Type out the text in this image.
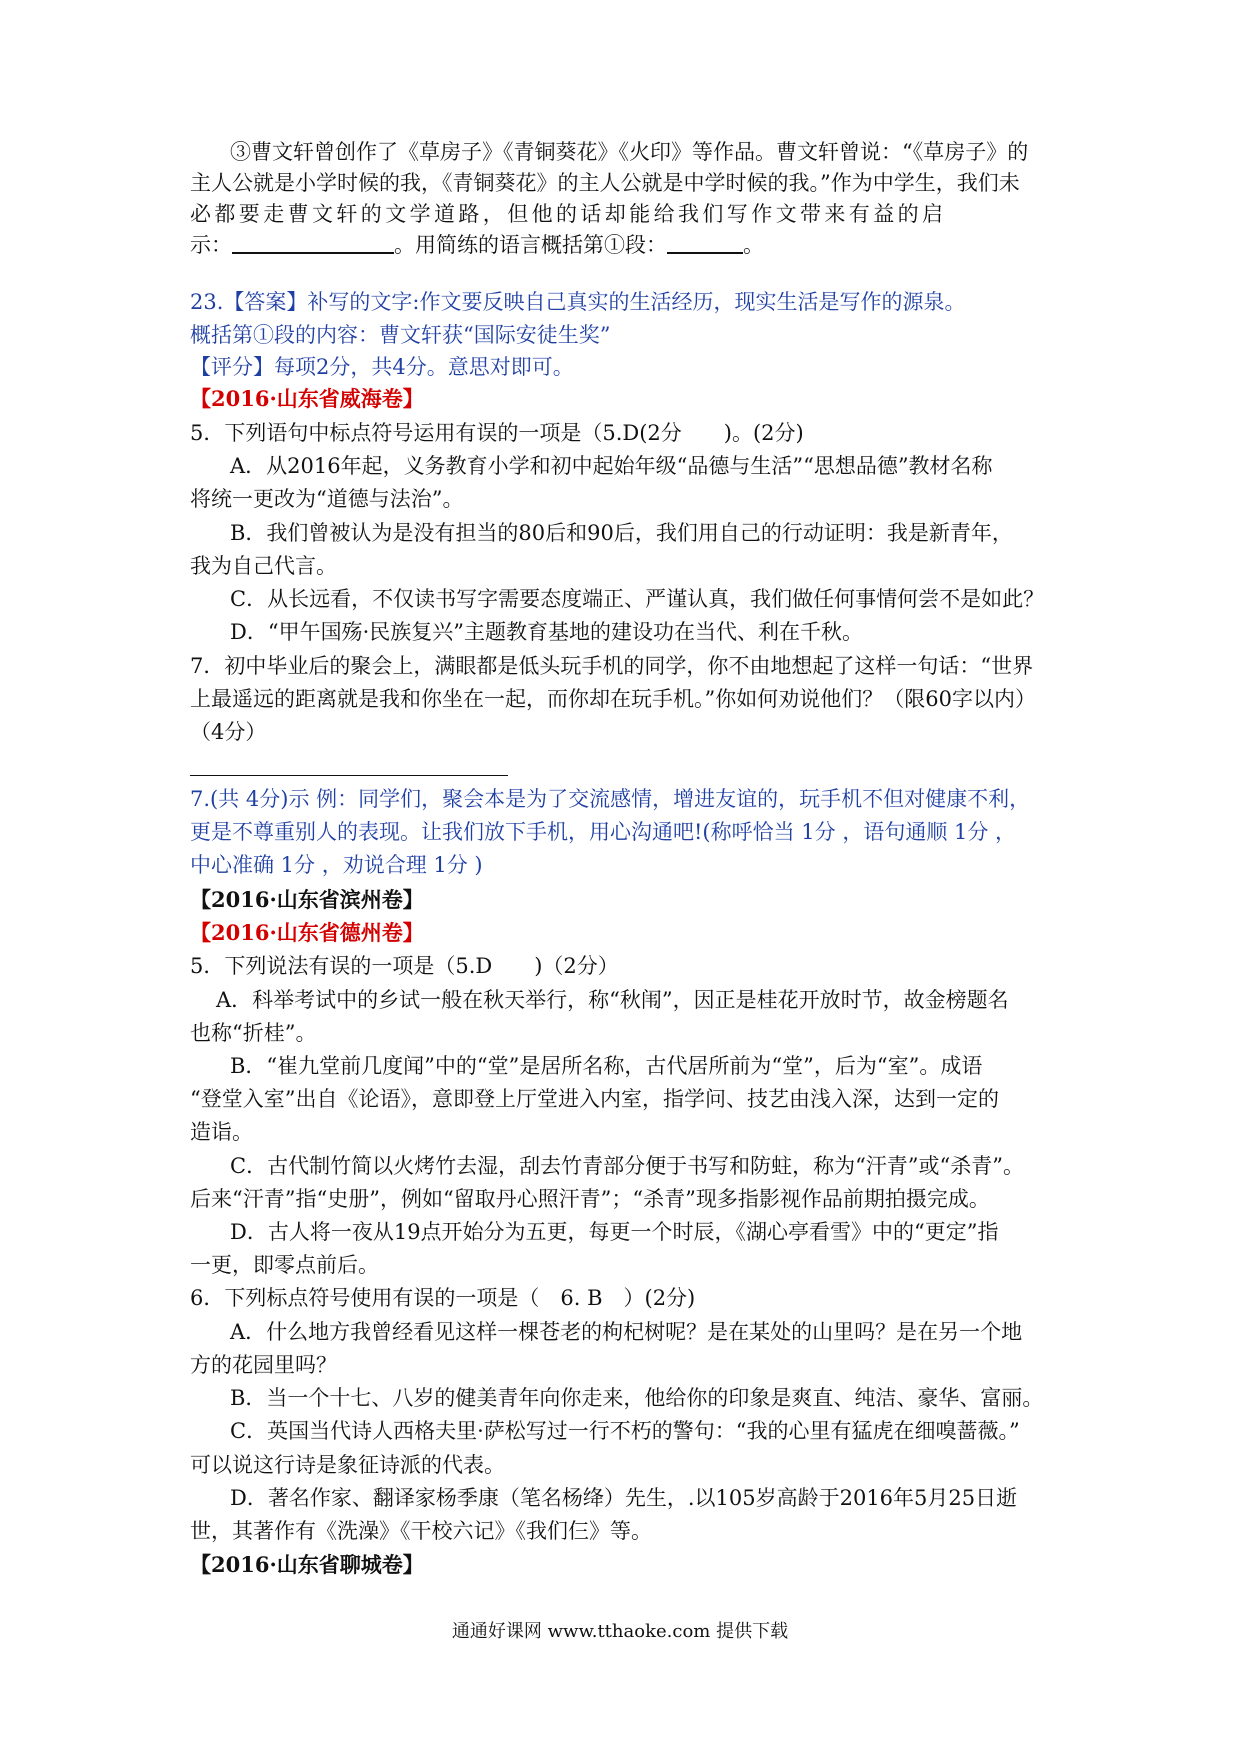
③曹文轩曾创作了《草房子》《青铜葵花》《火印》等作品。曹文轩曾说：“《草房子》的
主人公就是小学时候的我，《青铜葵花》的主人公就是中学时候的我。”作为中学生，我们未
必都要走曹文轩的文学道路，但他的话却能给我们写作文带来有益的启
示：	。用简练的语言概括第①段：	。
23.【答案】补写的文字:作文要反映自己真实的生活经历，现实生活是写作的源泉。
概括第①段的内容：曹文轩获“国际安徒生奖”
【评分】每项2分，共4分。意思对即可。
【2016·山东省威海卷】
5．下列语句中标点符号运用有误的一项是（5.D(2分　　)。(2分)
A．从2016年起，义务教育小学和初中起始年级“品德与生活”“思想品德”教材名称
将统一更改为“道德与法治”。
B．我们曾被认为是没有担当的80后和90后，我们用自己的行动证明：我是新青年，
我为自己代言。
C．从长远看，不仅读书写字需要态度端正、严谨认真，我们做任何事情何尝不是如此？
D．“甲午国殇·民族复兴”主题教育基地的建设功在当代、利在千秋。
7．初中毕业后的聚会上，满眼都是低头玩手机的同学，你不由地想起了这样一句话：“世界
上最遥远的距离就是我和你坐在一起，而你却在玩手机。”你如何劝说他们？（限60字以内）
（4分）
7.(共 4分)示 例：同学们，聚会本是为了交流感情，增进友谊的，玩手机不但对健康不利，
更是不尊重别人的表现。让我们放下手机，用心沟通吧!(称呼恰当 1分 ，语句通顺 1分 ，
中心准确 1分 ，劝说合理 1分 )
【2016·山东省滨州卷】
【2016·山东省德州卷】
5．下列说法有误的一项是（5.D　　)（2分）
A．科举考试中的乡试一般在秋天举行，称“秋闱”，因正是桂花开放时节，故金榜题名
也称“折桂”。
B．“崔九堂前几度闻”中的“堂”是居所名称，古代居所前为“堂”，后为“室”。成语
“登堂入室”出自《论语》，意即登上厅堂进入内室，指学问、技艺由浅入深，达到一定的
造诣。
C．古代制竹简以火烤竹去湿，刮去竹青部分便于书写和防蛀，称为“汗青”或“杀青”。
后来“汗青”指“史册”，例如“留取丹心照汗青”；“杀青”现多指影视作品前期拍摄完成。
D．古人将一夜从19点开始分为五更，每更一个时辰，《湖心亭看雪》中的“更定”指
一更，即零点前后。
6．下列标点符号使用有误的一项是（　6. B　）(2分)
A．什么地方我曾经看见这样一棵苍老的枸杞树呢？是在某处的山里吗？是在另一个地
方的花园里吗？
B．当一个十七、八岁的健美青年向你走来，他给你的印象是爽直、纯洁、豪华、富丽。
C．英国当代诗人西格夫里·萨松写过一行不朽的警句：“我的心里有猛虎在细嗅蔷薇。”
可以说这行诗是象征诗派的代表。
D．著名作家、翻译家杨季康（笔名杨绛）先生，.以105岁高龄于2016年5月25日逝
世，其著作有《洗澡》《干校六记》《我们仨》等。
【2016·山东省聊城卷】
通通好课网 www.tthaoke.com 提供下载
